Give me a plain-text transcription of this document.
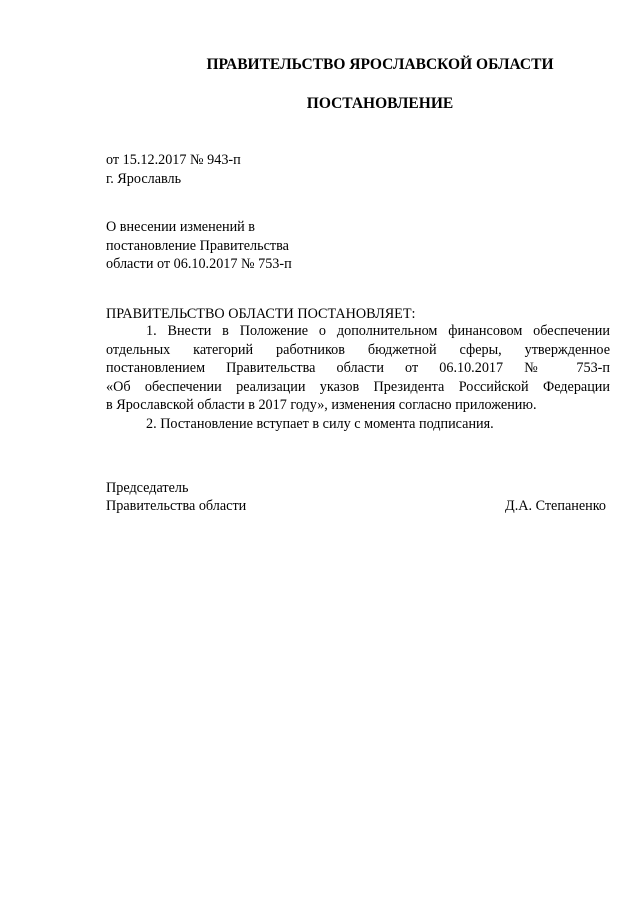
ПРАВИТЕЛЬСТВО ЯРОСЛАВСКОЙ ОБЛАСТИ
ПОСТАНОВЛЕНИЕ
от 15.12.2017 № 943-п
г. Ярославль
О внесении изменений в
постановление Правительства
области от 06.10.2017 № 753-п
ПРАВИТЕЛЬСТВО ОБЛАСТИ ПОСТАНОВЛЯЕТ:
1. Внести в Положение о дополнительном финансовом обеспечении
отдельных категорий работников бюджетной сферы, утвержденное
постановлением Правительства области от 06.10.2017 № 753-п
«Об обеспечении реализации указов Президента Российской Федерации
в Ярославской области в 2017 году», изменения согласно приложению.
2. Постановление вступает в силу с момента подписания.
Председатель
Правительства области	Д.А. Степаненко
